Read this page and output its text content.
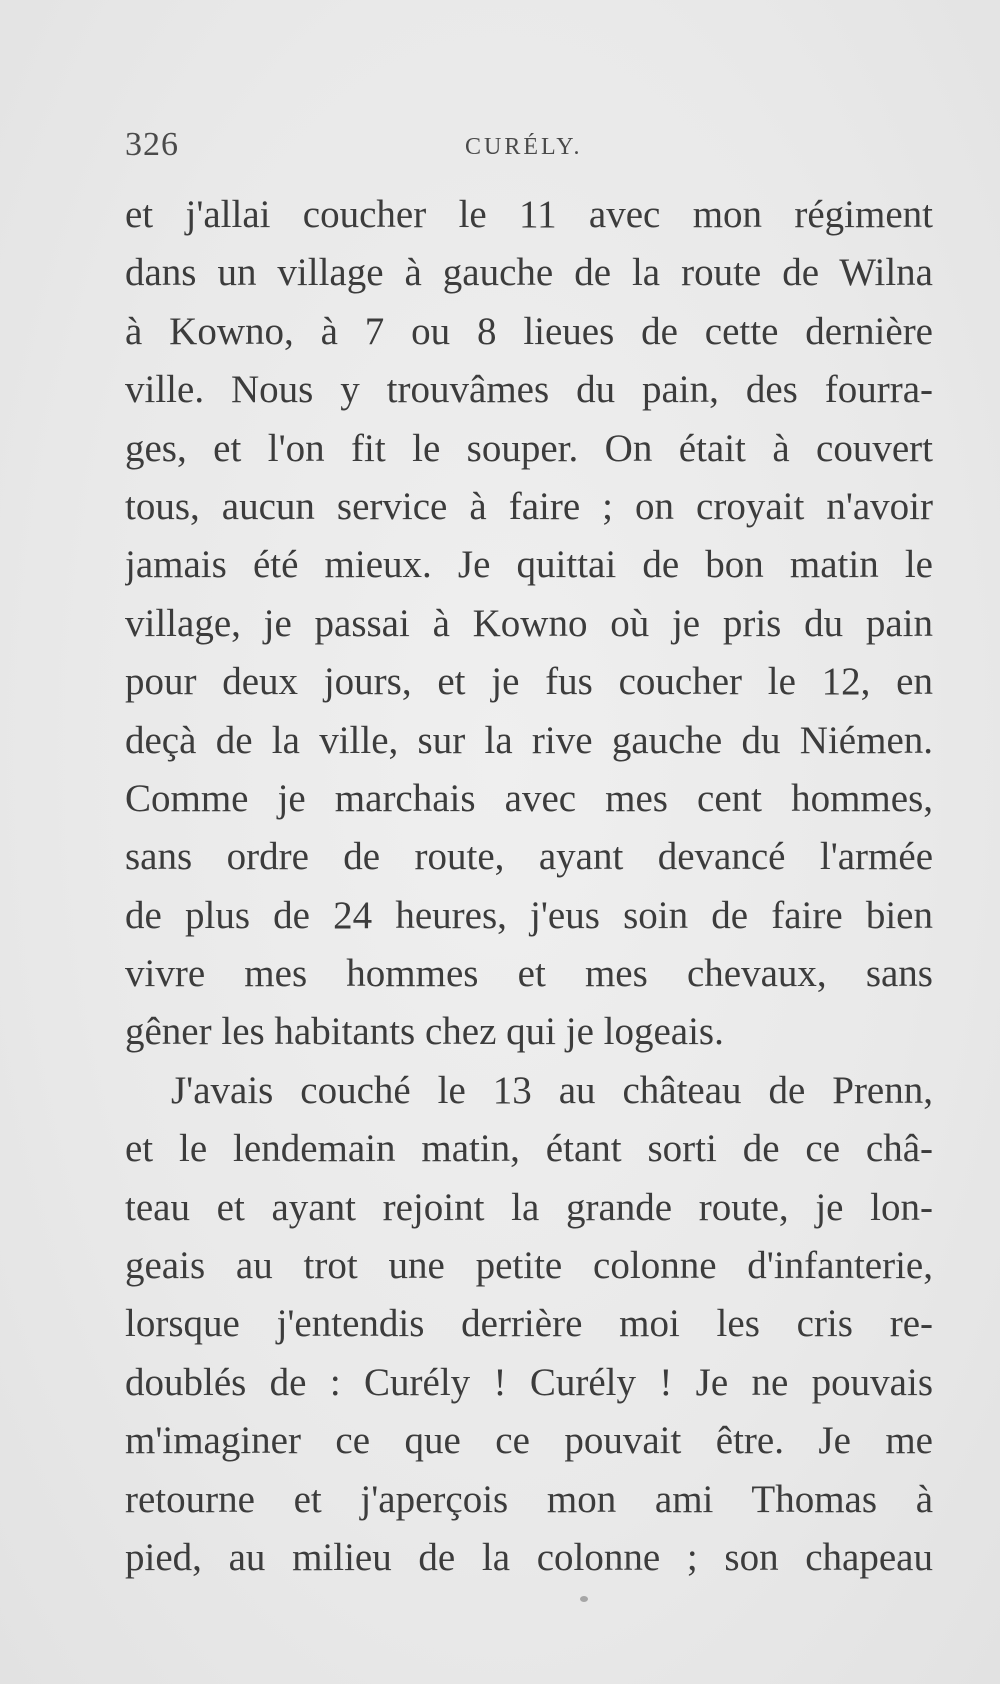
326	CURÉLY.
et j'allai coucher le 11 avec mon régiment
dans un village à gauche de la route de Wilna
à Kowno, à 7 ou 8 lieues de cette dernière
ville. Nous y trouvâmes du pain, des fourra-
ges, et l'on fit le souper. On était à couvert
tous, aucun service à faire ; on croyait n'avoir
jamais été mieux. Je quittai de bon matin le
village, je passai à Kowno où je pris du pain
pour deux jours, et je fus coucher le 12, en
deçà de la ville, sur la rive gauche du Niémen.
Comme je marchais avec mes cent hommes,
sans ordre de route, ayant devancé l'armée
de plus de 24 heures, j'eus soin de faire bien
vivre mes hommes et mes chevaux, sans
gêner les habitants chez qui je logeais.
J'avais couché le 13 au château de Prenn,
et le lendemain matin, étant sorti de ce châ-
teau et ayant rejoint la grande route, je lon-
geais au trot une petite colonne d'infanterie,
lorsque j'entendis derrière moi les cris re-
doublés de : Curély ! Curély ! Je ne pouvais
m'imaginer ce que ce pouvait être. Je me
retourne et j'aperçois mon ami Thomas à
pied, au milieu de la colonne ; son chapeau
